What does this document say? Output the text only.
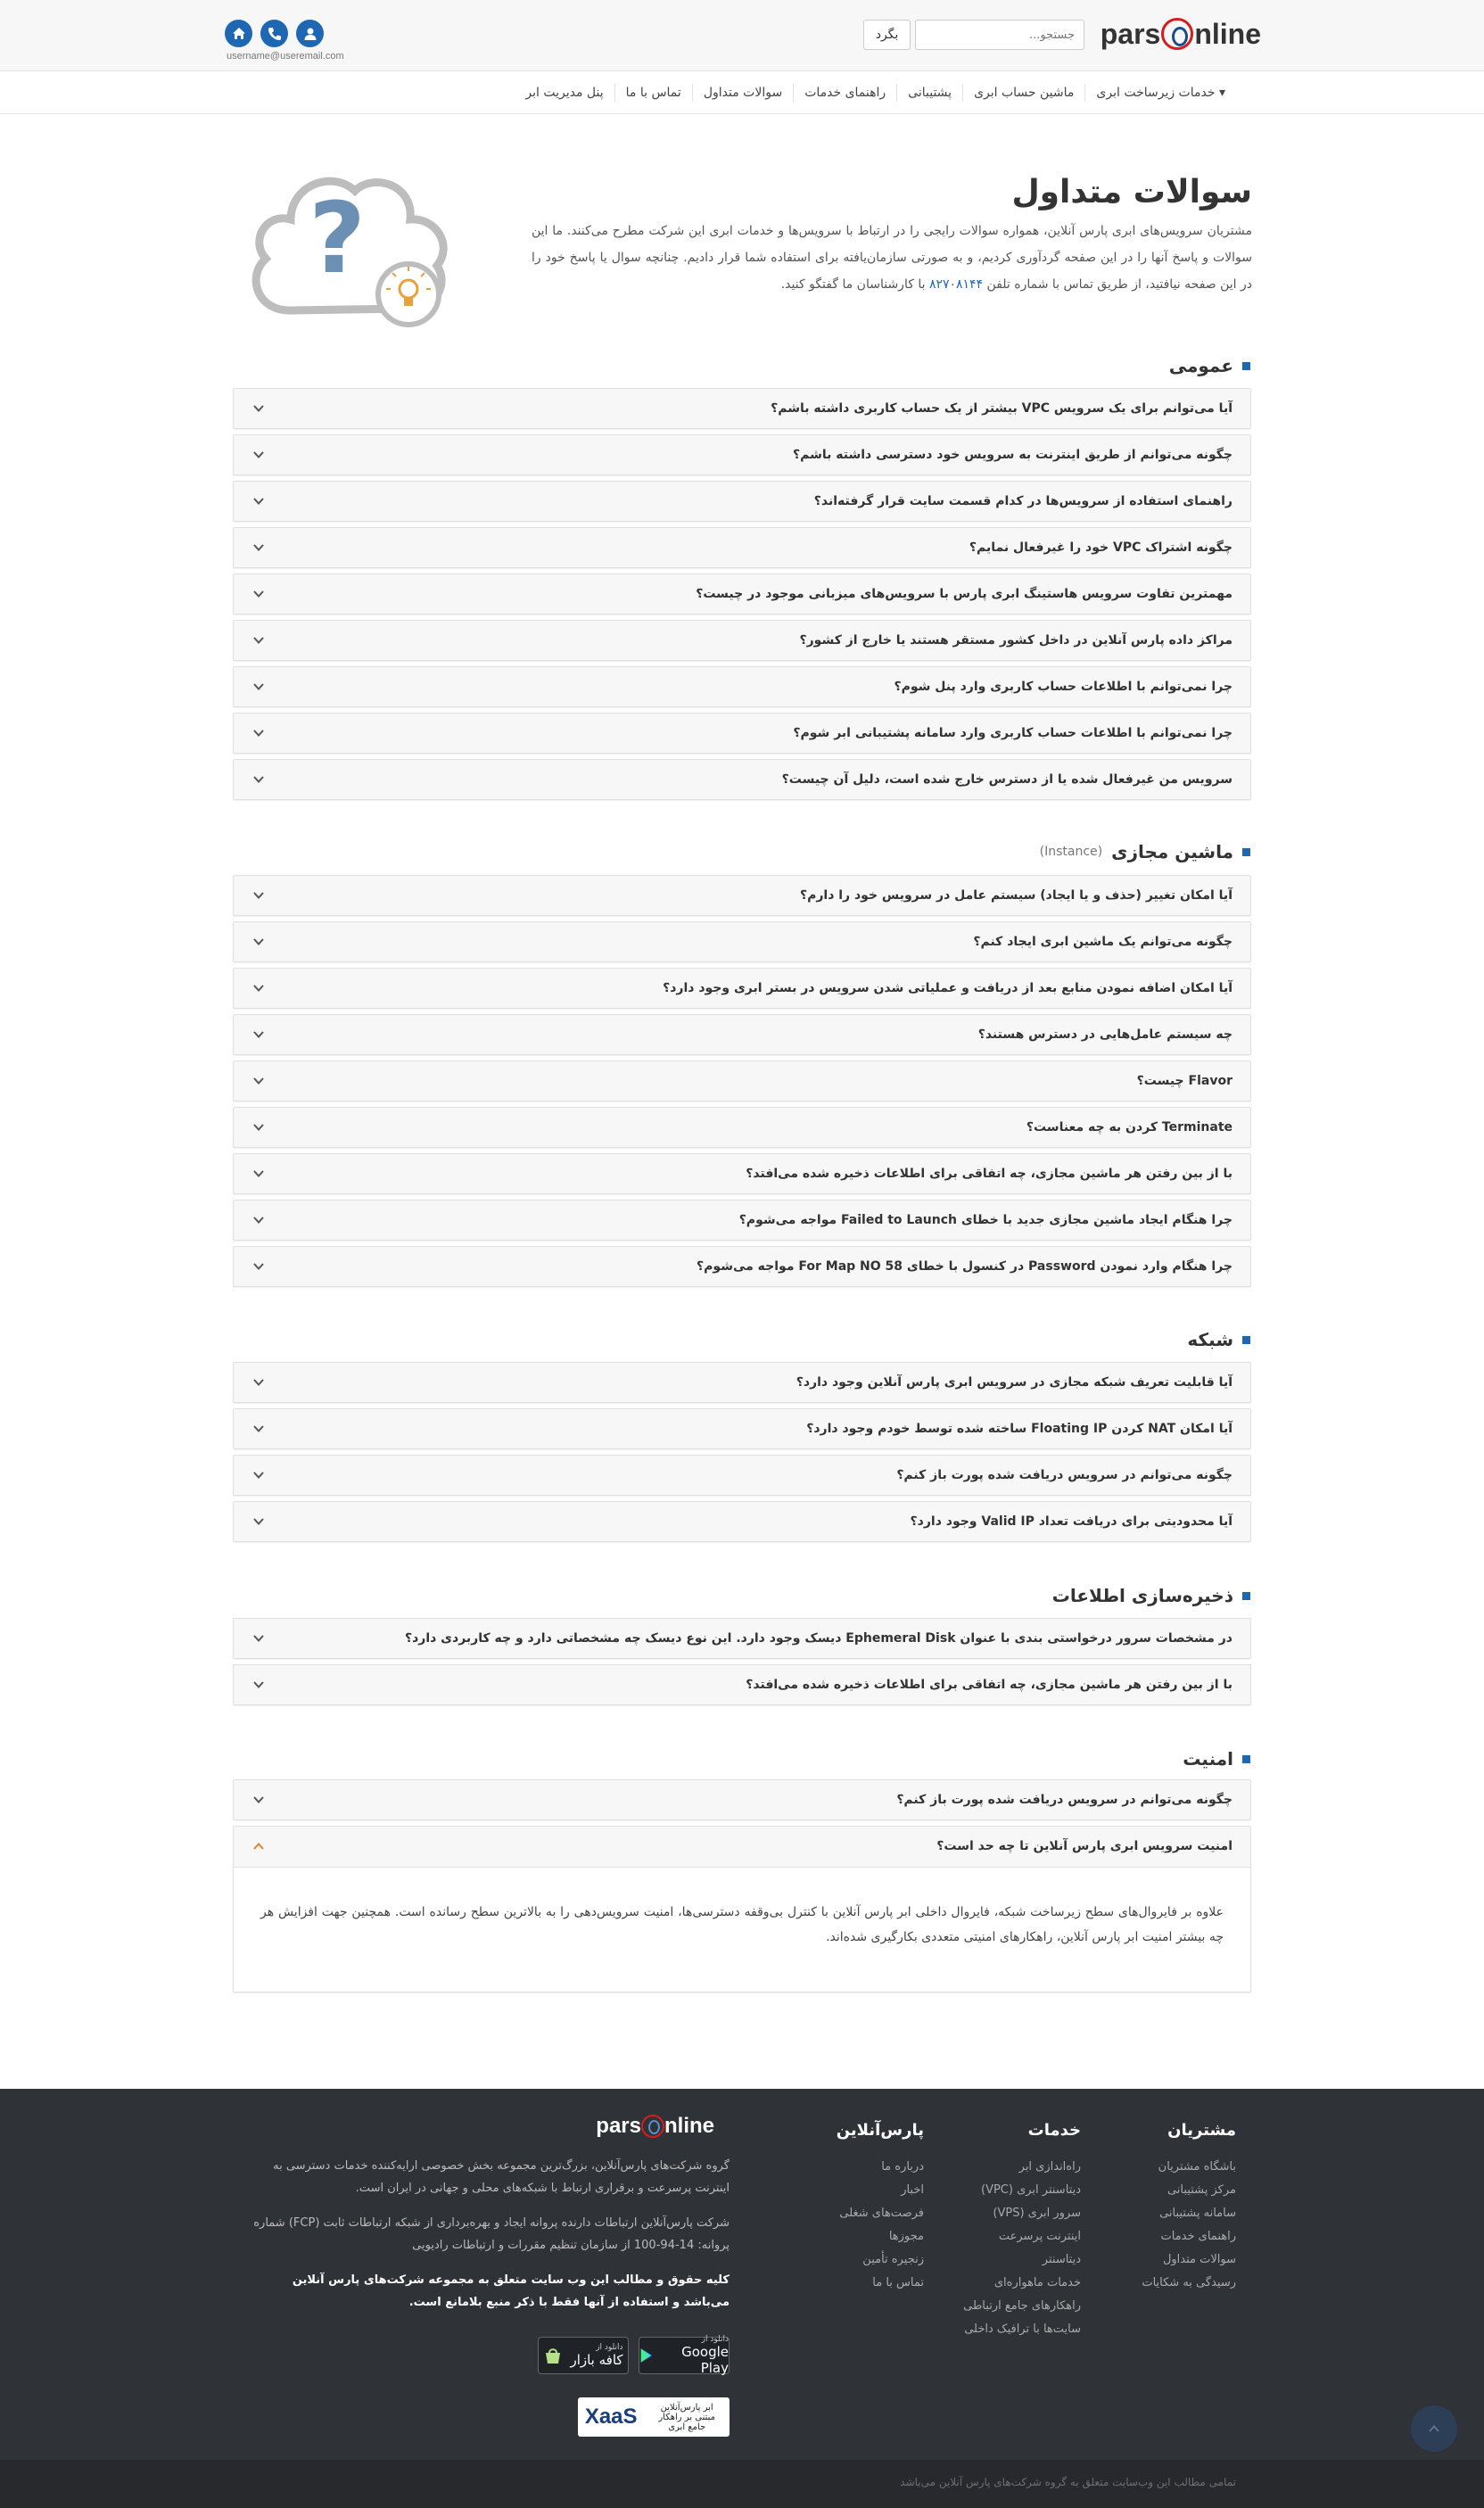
pars nline
جستجو...
بگرد
username@useremail.com
خدمات زیرساخت ابری ▾
ماشین حساب ابری
پشتیبانی
راهنمای خدمات
سوالات متداول
تماس با ما
پنل مدیریت ابر
سوالات متداول

مشتریان سرویس‌های ابری پارس آنلاین، همواره سوالات رایجی را در ارتباط با سرویس‌ها و خدمات ابری این شرکت مطرح می‌کنند. ما این سوالات و پاسخ آنها را در این صفحه گردآوری کردیم، و به صورتی سازمان‌یافته برای استفاده شما قرار دادیم. چنانچه سوال یا پاسخ خود را در این صفحه نیافتید، از طریق تماس با شماره تلفن ۸۲۷۰۸۱۴۴ با کارشناسان ما گفتگو کنید.

?
عمومی
آیا می‌توانم برای یک سرویس VPC بیشتر از یک حساب کاربری داشته باشم؟
چگونه می‌توانم از طریق اینترنت به سرویس خود دسترسی داشته باشم؟
راهنمای استفاده از سرویس‌ها در کدام قسمت سایت قرار گرفته‌اند؟
چگونه اشتراک VPC خود را غیرفعال نمایم؟
مهمترین تفاوت سرویس هاستینگ ابری پارس با سرویس‌های میزبانی موجود در چیست؟
مراکز داده پارس آنلاین در داخل کشور مستقر هستند یا خارج از کشور؟
چرا نمی‌توانم با اطلاعات حساب کاربری وارد پنل شوم؟
چرا نمی‌توانم با اطلاعات حساب کاربری وارد سامانه پشتیبانی ابر شوم؟
سرویس من غیرفعال شده یا از دسترس خارج شده است، دلیل آن چیست؟
ماشین مجازی
(Instance)
آیا امکان تغییر (حذف و یا ایجاد) سیستم عامل در سرویس خود را دارم؟
چگونه می‌توانم یک ماشین ابری ایجاد کنم؟
آیا امکان اضافه نمودن منابع بعد از دریافت و عملیاتی شدن سرویس در بستر ابری وجود دارد؟
چه سیستم عامل‌هایی در دسترس هستند؟
Flavor چیست؟
Terminate کردن به چه معناست؟
با از بین رفتن هر ماشین مجازی، چه اتفاقی برای اطلاعات ذخیره شده می‌افتد؟
چرا هنگام ایجاد ماشین مجازی جدید با خطای Failed to Launch مواجه می‌شوم؟
چرا هنگام وارد نمودن Password در کنسول با خطای For Map NO 58 مواجه می‌شوم؟
شبکه
آیا قابلیت تعریف شبکه مجازی در سرویس ابری پارس آنلاین وجود دارد؟
آیا امکان NAT کردن Floating IP ساخته شده توسط خودم وجود دارد؟
چگونه می‌توانم در سرویس دریافت شده پورت باز کنم؟
آیا محدودیتی برای دریافت تعداد Valid IP وجود دارد؟
ذخیره‌سازی اطلاعات
در مشخصات سرور درخواستی بندی با عنوان Ephemeral Disk دیسک وجود دارد. این نوع دیسک چه مشخصاتی دارد و چه کاربردی دارد؟
با از بین رفتن هر ماشین مجازی، چه اتفاقی برای اطلاعات ذخیره شده می‌افتد؟
امنیت
چگونه می‌توانم در سرویس دریافت شده پورت باز کنم؟
امنیت سرویس ابری پارس آنلاین تا چه حد است؟

علاوه بر فایروال‌های سطح زیرساخت شبکه، فایروال داخلی ابر پارس آنلاین با کنترل بی‌وقفه دسترسی‌ها، امنیت سرویس‌دهی را به بالاترین سطح رسانده است. همچنین جهت افزایش هر چه بیشتر امنیت ابر پارس آنلاین، راهکارهای امنیتی متعددی بکارگیری شده‌اند.

مشتریان
باشگاه مشتریان
مرکز پشتیبانی
سامانه پشتیبانی
راهنمای خدمات
سوالات متداول
رسیدگی به شکایات
خدمات
راه‌اندازی ابر
دیتاسنتر ابری (VPC)
سرور ابری (VPS)
اینترنت پرسرعت
دیتاسنتر
خدمات ماهواره‌ای
راهکارهای جامع ارتباطی
سایت‌ها با ترافیک داخلی
پارس‌آنلاین
درباره ما
اخبار
فرصت‌های شغلی
مجوزها
زنجیره تأمین
تماس با ما
pars nline

گروه شرکت‌های پارس‌آنلاین، بزرگ‌ترین مجموعه بخش خصوصی ارایه‌کننده خدمات دسترسی به اینترنت پرسرعت و برقراری ارتباط با شبکه‌های محلی و جهانی در ایران است.

شرکت پارس‌آنلاین ارتباطات دارنده پروانه ایجاد و بهره‌برداری از شبکه ارتباطات ثابت (FCP) شماره پروانه: 14-94-100 از سازمان تنظیم مقررات و ارتباطات رادیویی

کلیه حقوق و مطالب این وب سایت متعلق به مجموعه شرکت‌های پارس آنلاین می‌باشد و استفاده از آنها فقط با ذکر منبع بلامانع است.

دانلود از
Google Play
دانلود از
کافه بازار
ابر پارس‌آنلاین مبتنی بر راهکار جامع ابری
XaaS
تمامی مطالب این وب‌سایت متعلق به گروه شرکت‌های پارس آنلاین می‌باشد
